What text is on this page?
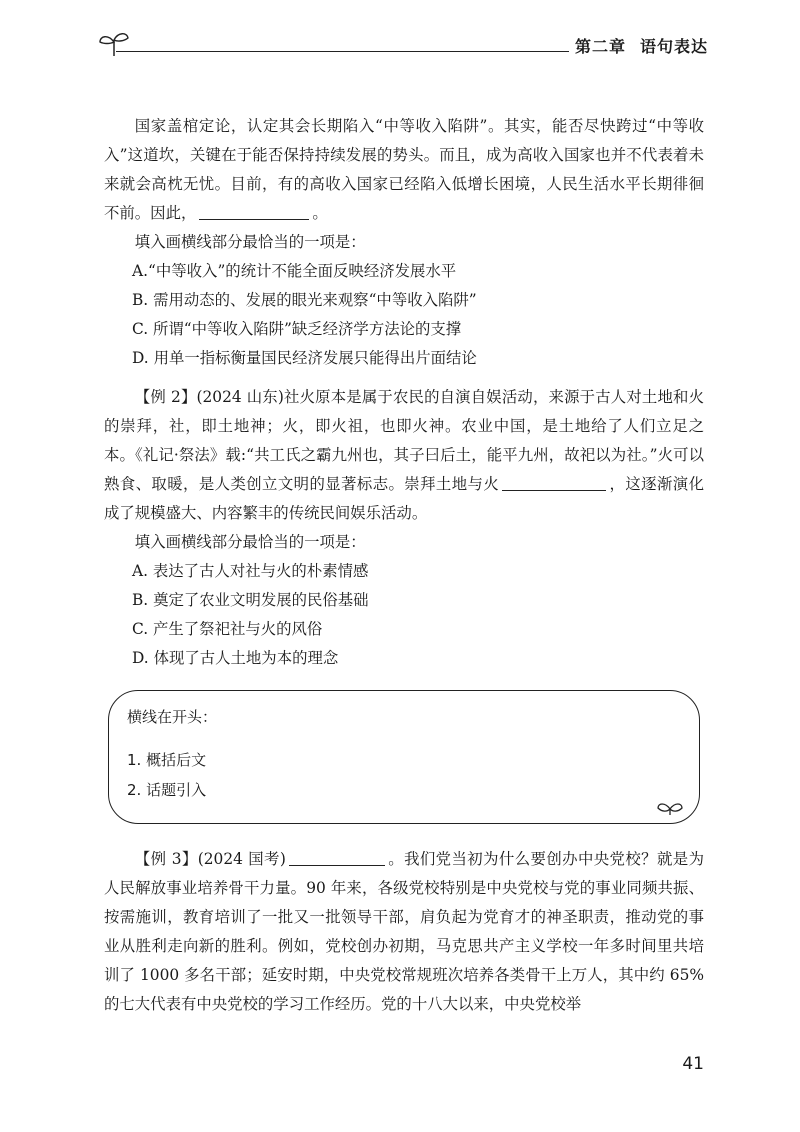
第二章 语句表达

国家盖棺定论，认定其会长期陷入“中等收入陷阱”。其实，能否尽快跨过“中等收入”这道坎，关键在于能否保持持续发展的势头。而且，成为高收入国家也并不代表着未来就会高枕无忧。目前，有的高收入国家已经陷入低增长困境，人民生活水平长期徘徊不前。因此，	。

填入画横线部分最恰当的一项是：

A.“中等收入”的统计不能全面反映经济发展水平

B. 需用动态的、发展的眼光来观察“中等收入陷阱”

C. 所谓“中等收入陷阱”缺乏经济学方法论的支撑

D. 用单一指标衡量国民经济发展只能得出片面结论

【例 2】(2024 山东)社火原本是属于农民的自演自娱活动，来源于古人对土地和火的崇拜，社，即土地神；火，即火祖，也即火神。农业中国，是土地给了人们立足之本。《礼记·祭法》载:“共工氏之霸九州也，其子曰后土，能平九州，故祀以为社。”火可以熟食、取暖，是人类创立文明的显著标志。崇拜土地与火	，这逐渐演化成了规模盛大、内容繁丰的传统民间娱乐活动。

填入画横线部分最恰当的一项是：

A. 表达了古人对社与火的朴素情感

B. 奠定了农业文明发展的民俗基础

C. 产生了祭祀社与火的风俗

D. 体现了古人土地为本的理念

横线在开头：
1. 概括后文
2. 话题引入

【例 3】(2024 国考)	。我们党当初为什么要创办中央党校？就是为人民解放事业培养骨干力量。90 年来，各级党校特别是中央党校与党的事业同频共振、按需施训，教育培训了一批又一批领导干部，肩负起为党育才的神圣职责，推动党的事业从胜利走向新的胜利。例如，党校创办初期，马克思共产主义学校一年多时间里共培训了 1000 多名干部；延安时期，中央党校常规班次培养各类骨干上万人，其中约 65% 的七大代表有中央党校的学习工作经历。党的十八大以来，中央党校举

41
